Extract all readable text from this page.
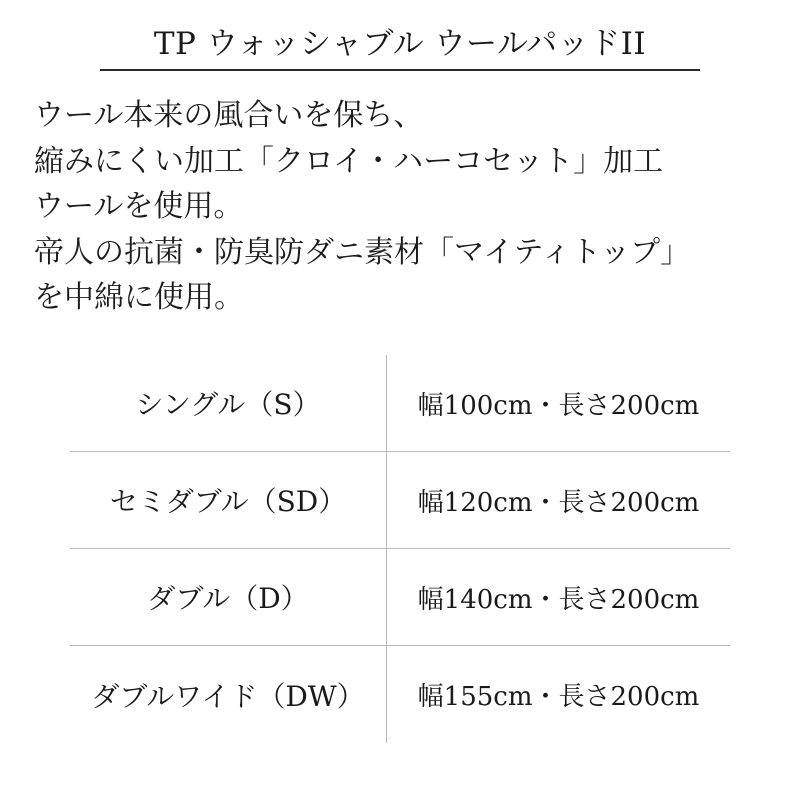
TP ウォッシャブル ウールパッドII
ウール本来の風合いを保ち、
縮みにくい加工「クロイ・ハーコセット」加工
ウールを使用。
帝人の抗菌・防臭防ダニ素材「マイティトップ」
を中綿に使用。
シングル（S）	幅100cm・長さ200cm
セミダブル（SD）	幅120cm・長さ200cm
ダブル（D）	幅140cm・長さ200cm
ダブルワイド（DW）	幅155cm・長さ200cm
